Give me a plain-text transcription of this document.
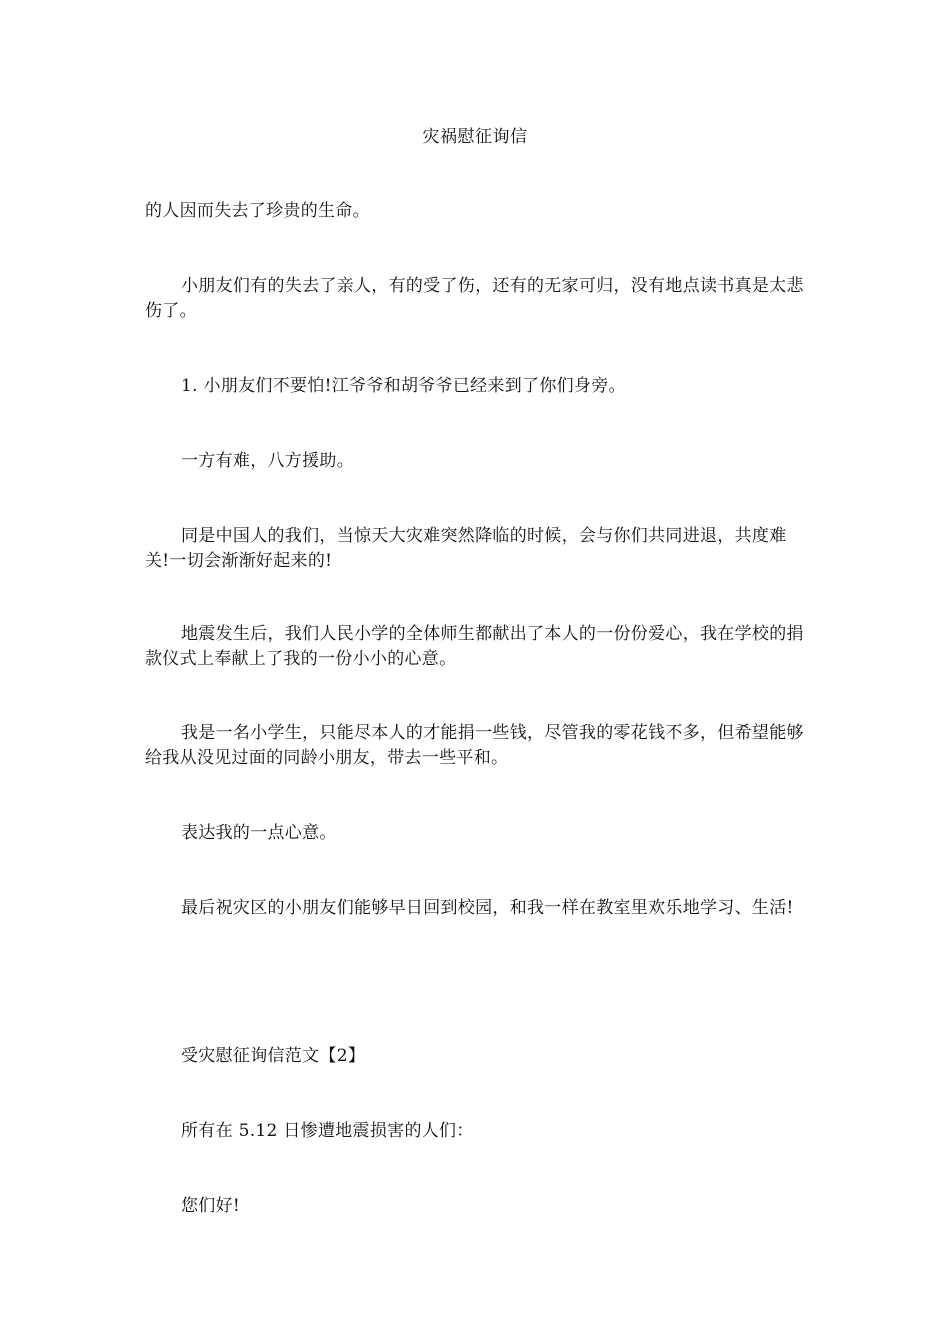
灾祸慰征询信

的人因而失去了珍贵的生命。

小朋友们有的失去了亲人，有的受了伤，还有的无家可归，没有地点读书真是太悲伤了。

1. 小朋友们不要怕!江爷爷和胡爷爷已经来到了你们身旁。

一方有难，八方援助。

同是中国人的我们，当惊天大灾难突然降临的时候，会与你们共同进退，共度难关!一切会渐渐好起来的!

地震发生后，我们人民小学的全体师生都献出了本人的一份份爱心，我在学校的捐款仪式上奉献上了我的一份小小的心意。

我是一名小学生，只能尽本人的才能捐一些钱，尽管我的零花钱不多，但希望能够给我从没见过面的同龄小朋友，带去一些平和。

表达我的一点心意。

最后祝灾区的小朋友们能够早日回到校园，和我一样在教室里欢乐地学习、生活!

受灾慰征询信范文【2】

所有在 5.12 日惨遭地震损害的人们：

您们好!
